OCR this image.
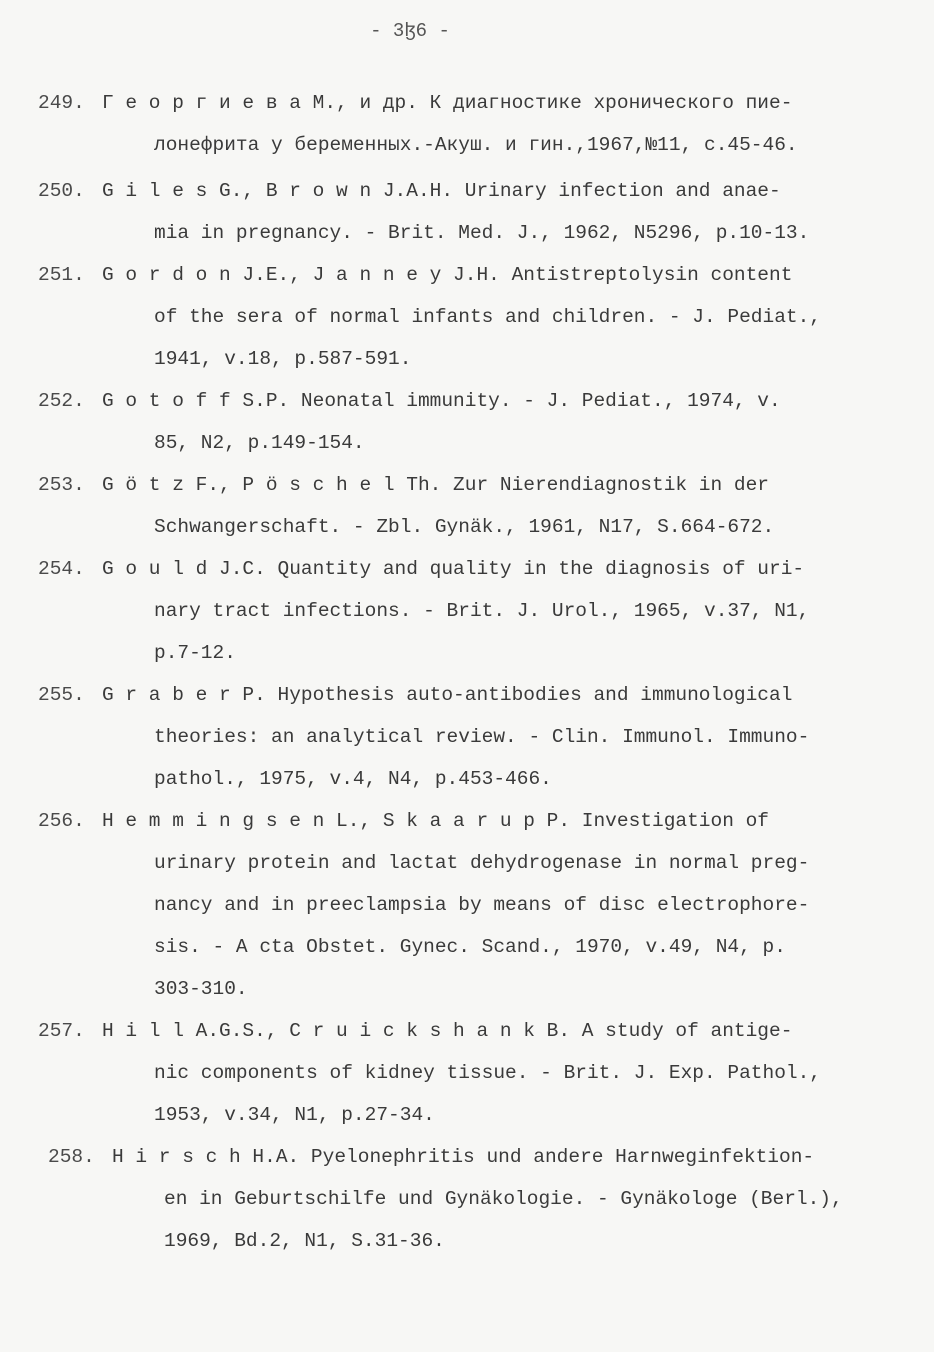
- 3ɮ6 -
249. Г е о р г и е в а М., и др. К диагностике хронического пие-
лонефрита у беременных.-Акуш. и гин.,1967,№11, с.45-46.
250. G i l e s G., B r o w n J.A.H. Urinary infection and anae-
mia in pregnancy. - Brit. Med. J., 1962, N5296, p.10-13.
251. G o r d o n J.E., J a n n e y J.H. Antistreptolysin content
of the sera of normal infants and children. - J. Pediat.,
1941, v.18, p.587-591.
252. G o t o f f S.P. Neonatal immunity. - J. Pediat., 1974, v.
85, N2, p.149-154.
253. G ö t z F., P ö s c h e l Th. Zur Nierendiagnostik in der
Schwangerschaft. - Zbl. Gynäk., 1961, N17, S.664-672.
254. G o u l d J.C. Quantity and quality in the diagnosis of uri-
nary tract infections. - Brit. J. Urol., 1965, v.37, N1,
p.7-12.
255. G r a b e r P. Hypothesis auto-antibodies and immunological
theories: an analytical review. - Clin. Immunol. Immuno-
pathol., 1975, v.4, N4, p.453-466.
256. H e m m i n g s e n L., S k a a r u p P. Investigation of
urinary protein and lactat dehydrogenase in normal preg-
nancy and in preeclampsia by means of disc electrophore-
sis. - A cta Obstet. Gynec. Scand., 1970, v.49, N4, p.
303-310.
257. H i l l A.G.S., C r u i c k s h a n k B. A study of antige-
nic components of kidney tissue. - Brit. J. Exp. Pathol.,
1953, v.34, N1, p.27-34.
258. H i r s c h H.A. Pyelonephritis und andere Harnweginfektion-
en in Geburtschilfe und Gynäkologie. - Gynäkologe (Berl.),
1969, Bd.2, N1, S.31-36.
